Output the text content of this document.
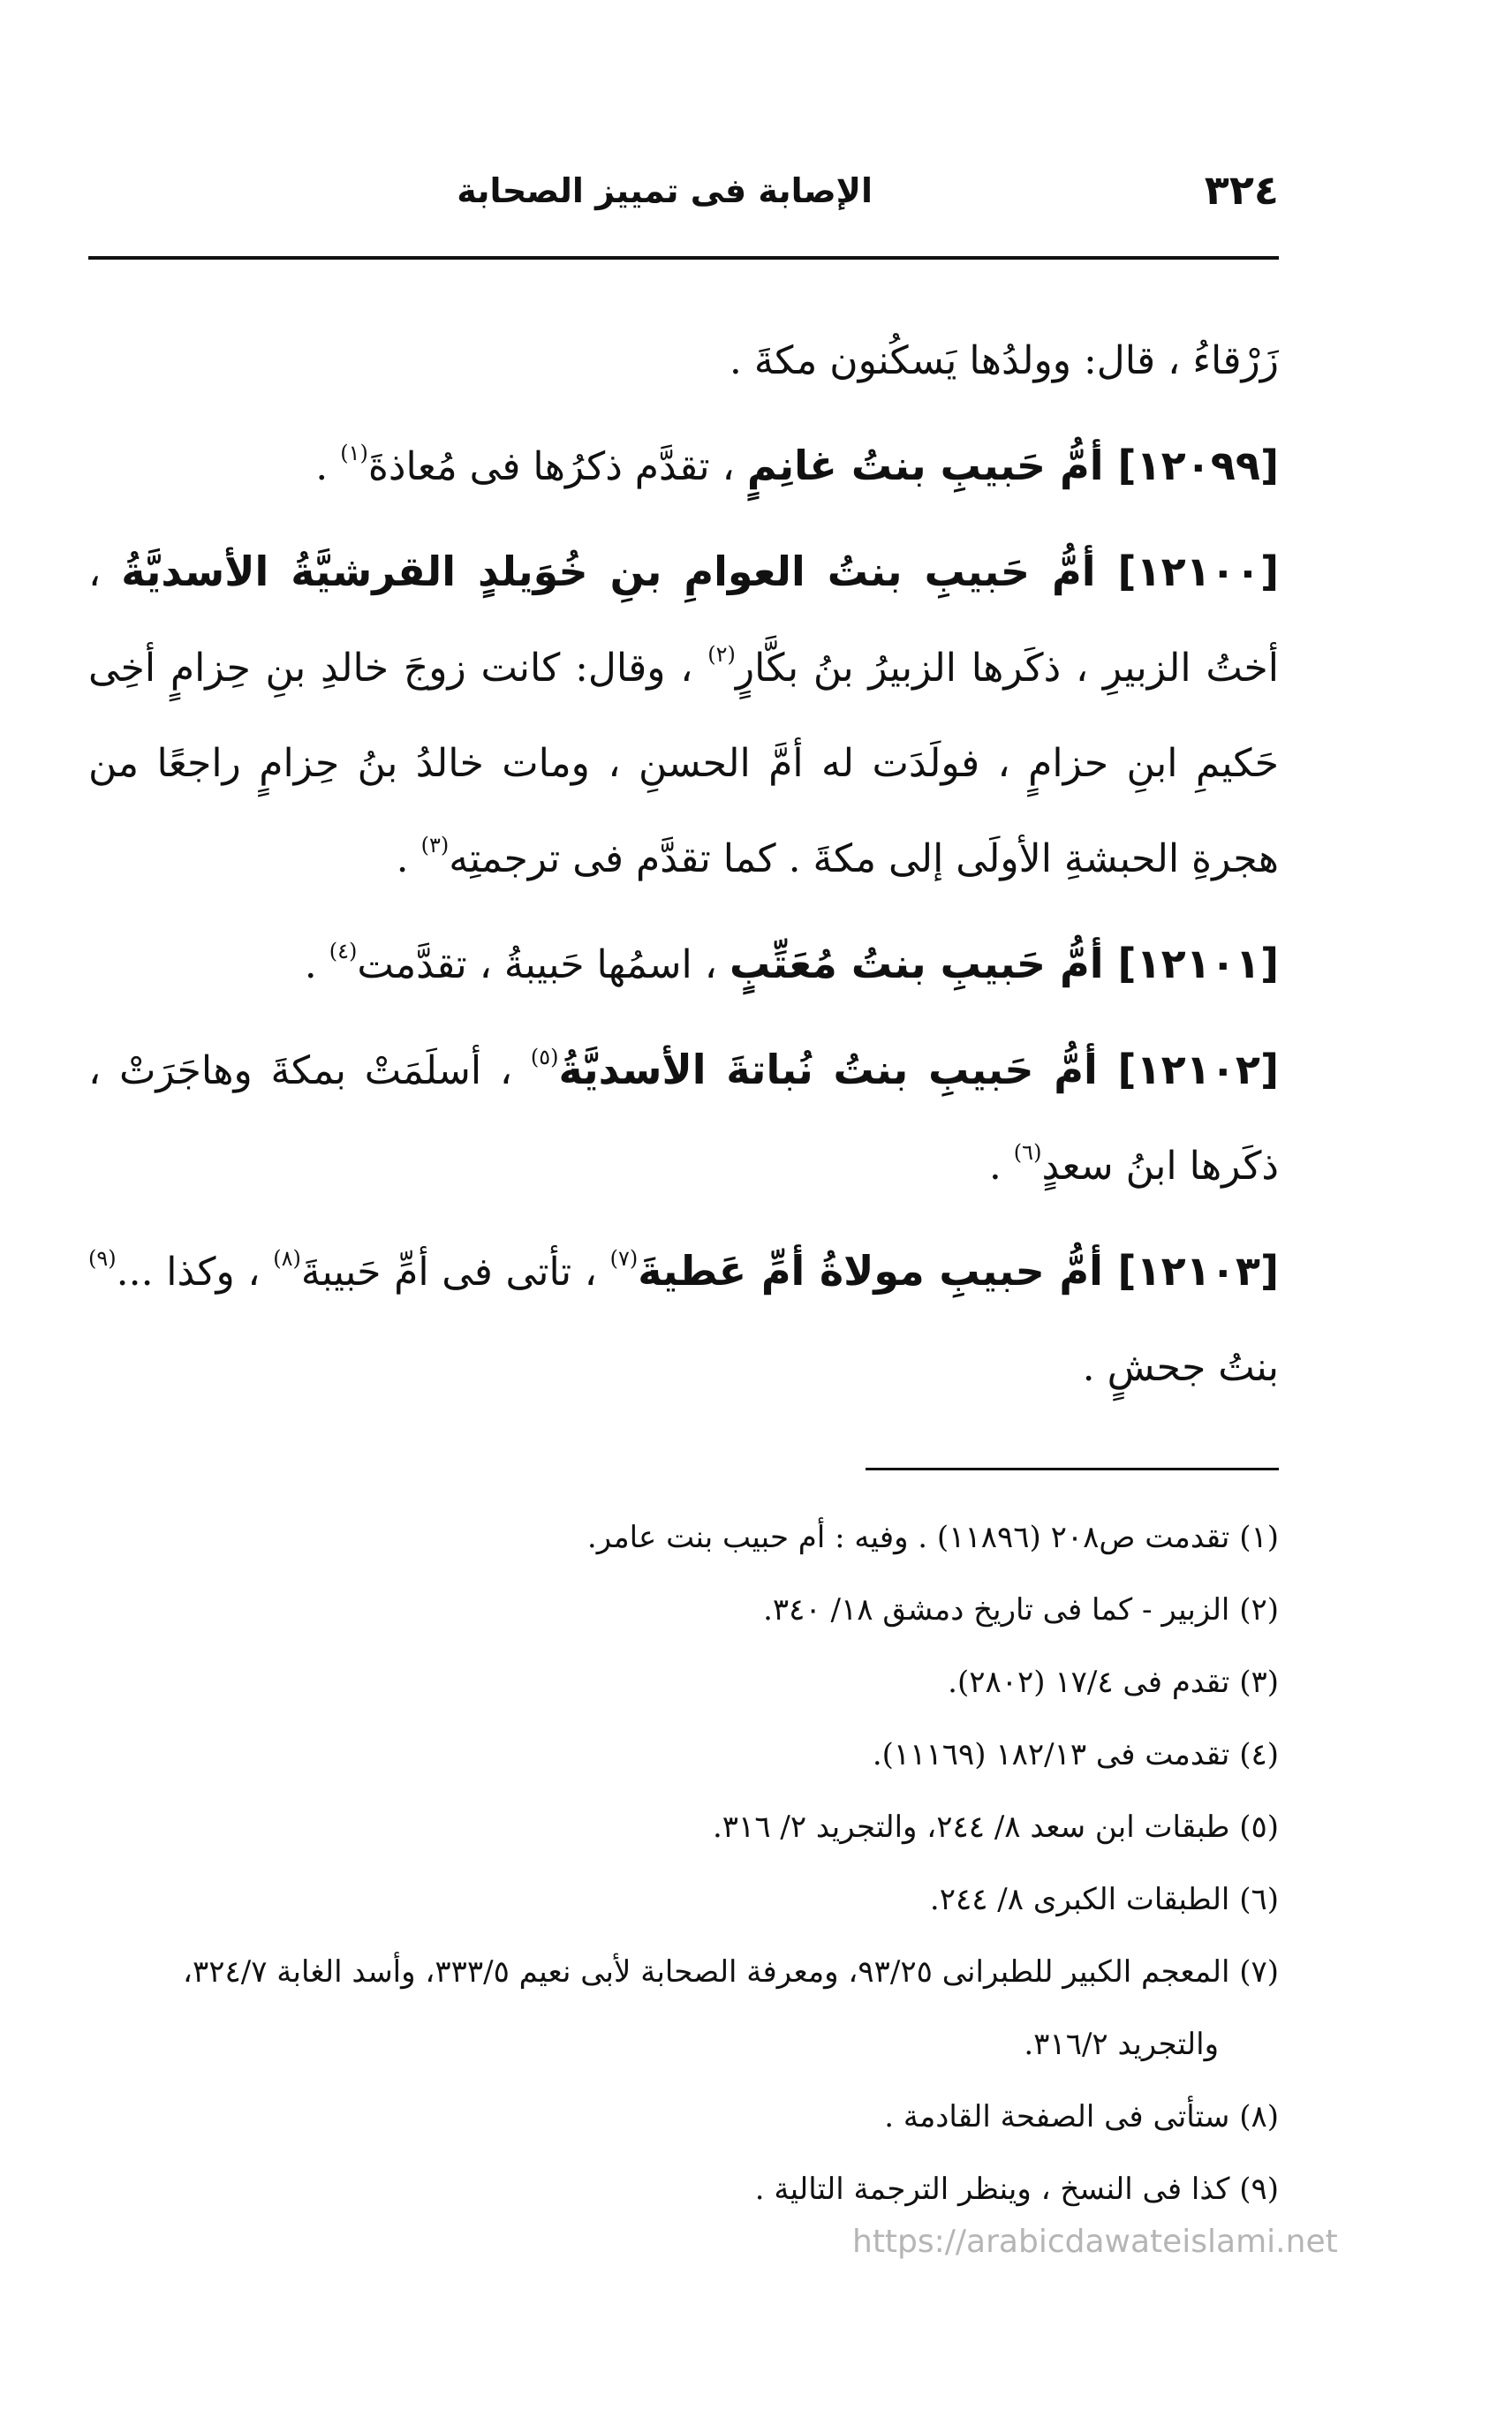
٣٢٤
الإصابة فى تمييز الصحابة

زَرْقاءُ ، قال: وولدُها يَسكُنون مكةَ .

[١٢٠٩٩] أمُّ حَبيبِ بنتُ غانِمٍ ، تقدَّم ذكرُها فى مُعاذةَ$^{(١)}$ .

[١٢١٠٠] أمُّ حَبيبِ بنتُ العوامِ بنِ خُوَيلدٍ القرشيَّةُ الأسديَّةُ ، أختُ الزبيرِ ، ذكَرها الزبيرُ بنُ بكَّارٍ$^{(٢)}$ ، وقال: كانت زوجَ خالدِ بنِ حِزامٍ أخِى حَكيمِ ابنِ حزامٍ ، فولَدَت له أمَّ الحسنِ ، ومات خالدُ بنُ حِزامٍ راجعًا من هجرةِ الحبشةِ الأولَى إلى مكةَ . كما تقدَّم فى ترجمتِه$^{(٣)}$ .

[١٢١٠١] أمُّ حَبيبِ بنتُ مُعَتِّبٍ ، اسمُها حَبيبةُ ، تقدَّمت$^{(٤)}$ .

[١٢١٠٢] أمُّ حَبيبِ بنتُ نُباتةَ الأسديَّةُ$^{(٥)}$ ، أسلَمَتْ بمكةَ وهاجَرَتْ ، ذكَرها ابنُ سعدٍ$^{(٦)}$ .

[١٢١٠٣] أمُّ حبيبِ مولاةُ أمِّ عَطيةَ$^{(٧)}$ ، تأتى فى أمِّ حَبيبةَ$^{(٨)}$ ، وكذا ...$^{(٩)}$ بنتُ جحشٍ .

(١) تقدمت ص٢٠٨ (١١٨٩٦) . وفيه : أم حبيب بنت عامر.

(٢) الزبير - كما فى تاريخ دمشق ١٨/ ٣٤٠.

(٣) تقدم فى ١٧/٤ (٢٨٠٢).

(٤) تقدمت فى ١٨٢/١٣ (١١١٦٩).

(٥) طبقات ابن سعد ٨/ ٢٤٤، والتجريد ٢/ ٣١٦.

(٦) الطبقات الكبرى ٨/ ٢٤٤.

(٧) المعجم الكبير للطبرانى ٩٣/٢٥، ومعرفة الصحابة لأبى نعيم ٣٣٣/٥، وأسد الغابة ٣٢٤/٧،

والتجريد ٣١٦/٢.

(٨) ستأتى فى الصفحة القادمة .

(٩) كذا فى النسخ ، وينظر الترجمة التالية .

https://arabicdawateislami.net
